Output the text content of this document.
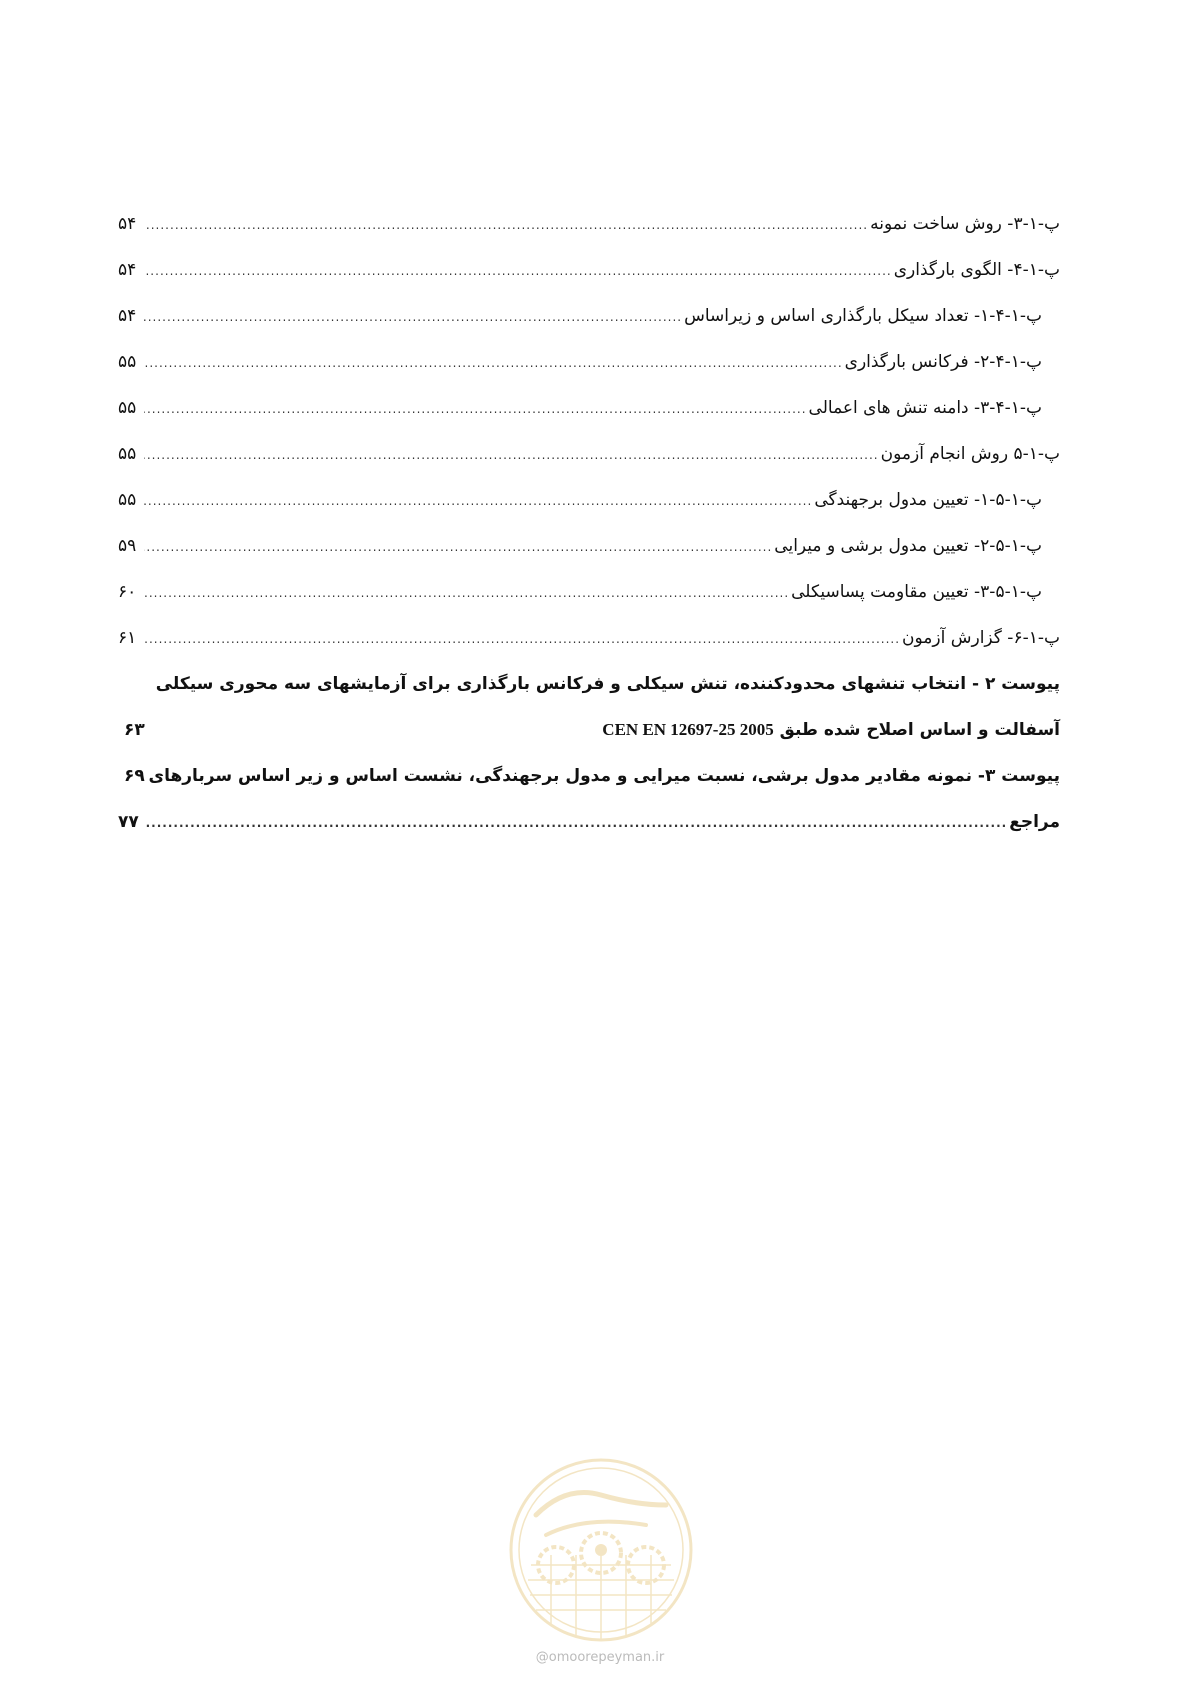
پ-۱-۳- روش ساخت نمونه
.....
۵۴
پ-۱-۴- الگوی بارگذاری
.....
۵۴
پ-۱-۴-۱- تعداد سیکل بارگذاری اساس و زیراساس
.....
۵۴
پ-۱-۴-۲- فرکانس بارگذاری
.....
۵۵
پ-۱-۴-۳- دامنه تنش های اعمالی
.....
۵۵
پ-۱-۵ روش انجام آزمون
.....
۵۵
پ-۱-۵-۱- تعیین مدول برجهندگی
.....
۵۵
پ-۱-۵-۲- تعیین مدول برشی و میرایی
.....
۵۹
پ-۱-۵-۳- تعیین مقاومت پساسیکلی
.....
۶۰
پ-۱-۶- گزارش آزمون
.....
۶۱
پیوست ۲ - انتخاب تنشهای محدودکننده، تنش سیکلی و فرکانس بارگذاری برای آزمایشهای سه محوری سیکلی
آسفالت و اساس اصلاح شده طبق CEN EN 12697-25 2005
۶۳
پیوست ۳- نمونه مقادیر مدول برشی، نسبت میرایی و مدول برجهندگی، نشست اساس و زیر اساس سربارهای
۶۹
مراجع
.....
۷۷
@omoorepeyman.ir
